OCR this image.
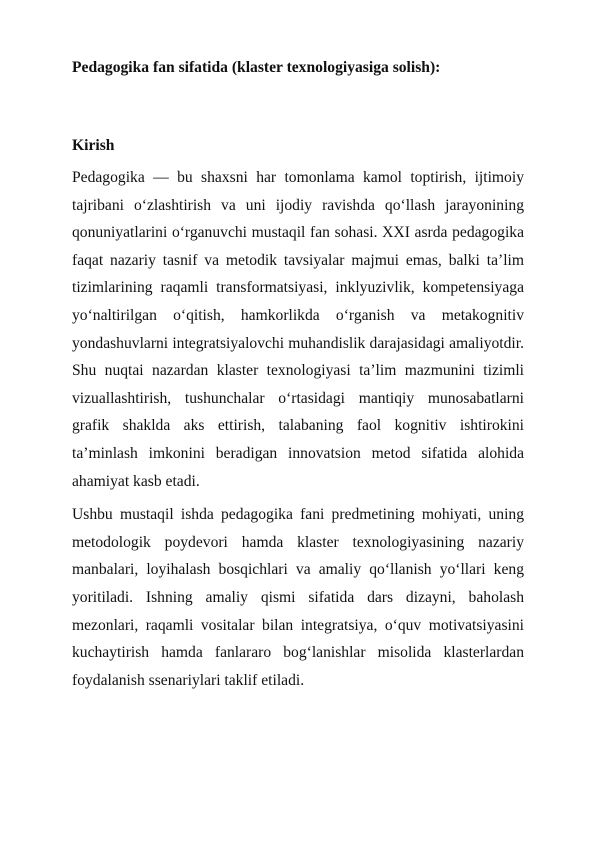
Pedagogika fan sifatida (klaster texnologiyasiga solish):

Kirish

Pedagogika — bu shaxsni har tomonlama kamol toptirish, ijtimoiy tajribani o‘zlashtirish va uni ijodiy ravishda qo‘llash jarayonining qonuniyatlarini o‘rganuvchi mustaqil fan sohasi. XXI asrda pedagogika faqat nazariy tasnif va metodik tavsiyalar majmui emas, balki ta’lim tizimlarining raqamli transformatsiyasi, inklyuzivlik, kompetensiyaga yo‘naltirilgan o‘qitish, hamkorlikda o‘rganish va metakognitiv yondashuvlarni integratsiyalovchi muhandislik darajasidagi amaliyotdir. Shu nuqtai nazardan klaster texnologiyasi ta’lim mazmunini tizimli vizuallashtirish, tushunchalar o‘rtasidagi mantiqiy munosabatlarni grafik shaklda aks ettirish, talabaning faol kognitiv ishtirokini ta’minlash imkonini beradigan innovatsion metod sifatida alohida ahamiyat kasb etadi.

Ushbu mustaqil ishda pedagogika fani predmetining mohiyati, uning metodologik poydevori hamda klaster texnologiyasining nazariy manbalari, loyihalash bosqichlari va amaliy qo‘llanish yo‘llari keng yoritiladi. Ishning amaliy qismi sifatida dars dizayni, baholash mezonlari, raqamli vositalar bilan integratsiya, o‘quv motivatsiyasini kuchaytirish hamda fanlararo bog‘lanishlar misolida klasterlardan foydalanish ssenariylari taklif etiladi.
